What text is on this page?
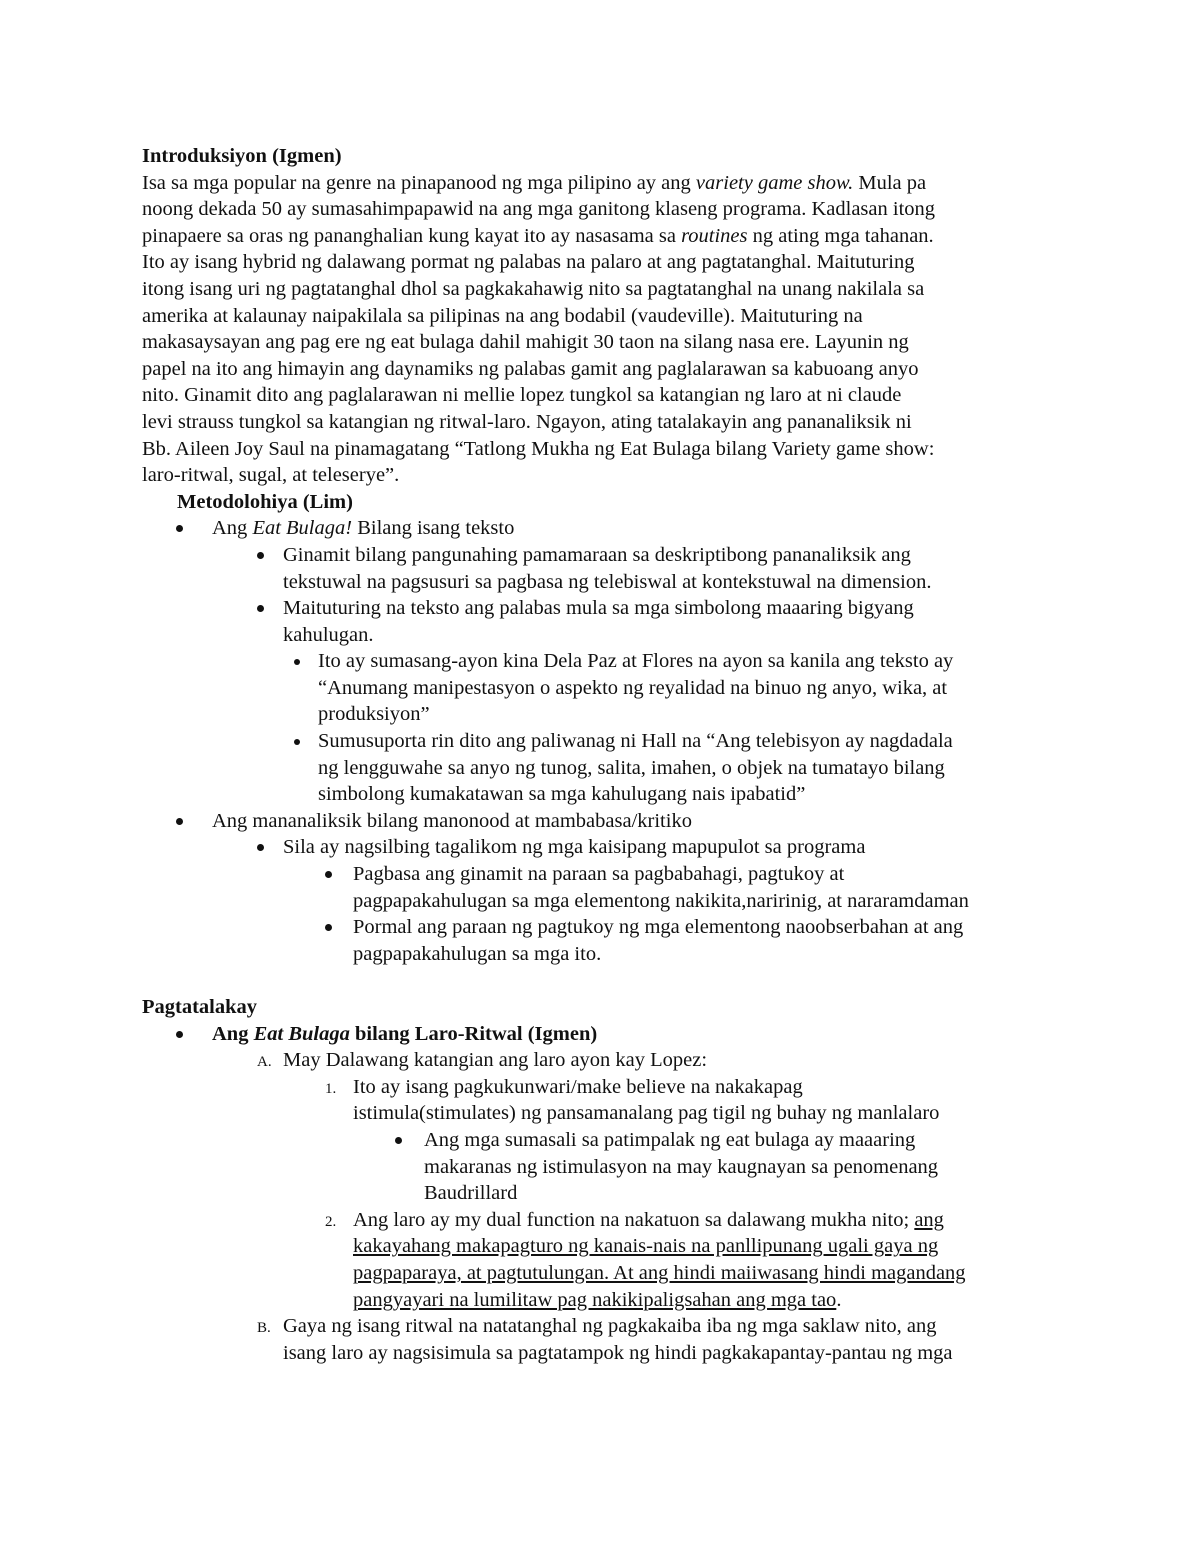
Introduksiyon (Igmen)
Isa sa mga popular na genre na pinapanood ng mga pilipino ay ang variety game show. Mula pa
noong dekada 50 ay sumasahimpapawid na ang mga ganitong klaseng programa. Kadlasan itong
pinapaere sa oras ng pananghalian kung kayat ito ay nasasama sa routines ng ating mga tahanan.
Ito ay isang hybrid ng dalawang pormat ng palabas na palaro at ang pagtatanghal. Maituturing
itong isang uri ng pagtatanghal dhol sa pagkakahawig nito sa pagtatanghal na unang nakilala sa
amerika at kalaunay naipakilala sa pilipinas na ang bodabil (vaudeville). Maituturing na
makasaysayan ang pag ere ng eat bulaga dahil mahigit 30 taon na silang nasa ere. Layunin ng
papel na ito ang himayin ang daynamiks ng palabas gamit ang paglalarawan sa kabuoang anyo
nito. Ginamit dito ang paglalarawan ni mellie lopez tungkol sa katangian ng laro at ni claude
levi strauss tungkol sa katangian ng ritwal-laro. Ngayon, ating tatalakayin ang pananaliksik ni
Bb. Aileen Joy Saul na pinamagatang “Tatlong Mukha ng Eat Bulaga bilang Variety game show:
laro-ritwal, sugal, at teleserye”.
Metodolohiya (Lim)
Ang Eat Bulaga! Bilang isang teksto
Ginamit bilang pangunahing pamamaraan sa deskriptibong pananaliksik ang
tekstuwal na pagsusuri sa pagbasa ng telebiswal at kontekstuwal na dimension.
Maituturing na teksto ang palabas mula sa mga simbolong maaaring bigyang
kahulugan.
Ito ay sumasang-ayon kina Dela Paz at Flores na ayon sa kanila ang teksto ay
“Anumang manipestasyon o aspekto ng reyalidad na binuo ng anyo, wika, at
produksiyon”
Sumusuporta rin dito ang paliwanag ni Hall na “Ang telebisyon ay nagdadala
ng lengguwahe sa anyo ng tunog, salita, imahen, o objek na tumatayo bilang
simbolong kumakatawan sa mga kahulugang nais ipabatid”
Ang mananaliksik bilang manonood at mambabasa/kritiko
Sila ay nagsilbing tagalikom ng mga kaisipang mapupulot sa programa
Pagbasa ang ginamit na paraan sa pagbabahagi, pagtukoy at
pagpapakahulugan sa mga elementong nakikita,naririnig, at nararamdaman
Pormal ang paraan ng pagtukoy ng mga elementong naoobserbahan at ang
pagpapakahulugan sa mga ito.
Pagtatalakay
Ang Eat Bulaga bilang Laro-Ritwal (Igmen)
A. May Dalawang katangian ang laro ayon kay Lopez:
1. Ito ay isang pagkukunwari/make believe na nakakapag
istimula(stimulates) ng pansamanalang pag tigil ng buhay ng manlalaro
Ang mga sumasali sa patimpalak ng eat bulaga ay maaaring
makaranas ng istimulasyon na may kaugnayan sa penomenang
Baudrillard
2. Ang laro ay my dual function na nakatuon sa dalawang mukha nito; ang
kakayahang makapagturo ng kanais-nais na panllipunang ugali gaya ng
pagpaparaya, at pagtutulungan. At ang hindi maiiwasang hindi magandang
pangyayari na lumilitaw pag nakikipaligsahan ang mga tao.
B. Gaya ng isang ritwal na natatanghal ng pagkakaiba iba ng mga saklaw nito, ang
isang laro ay nagsisimula sa pagtatampok ng hindi pagkakapantay-pantau ng mga
